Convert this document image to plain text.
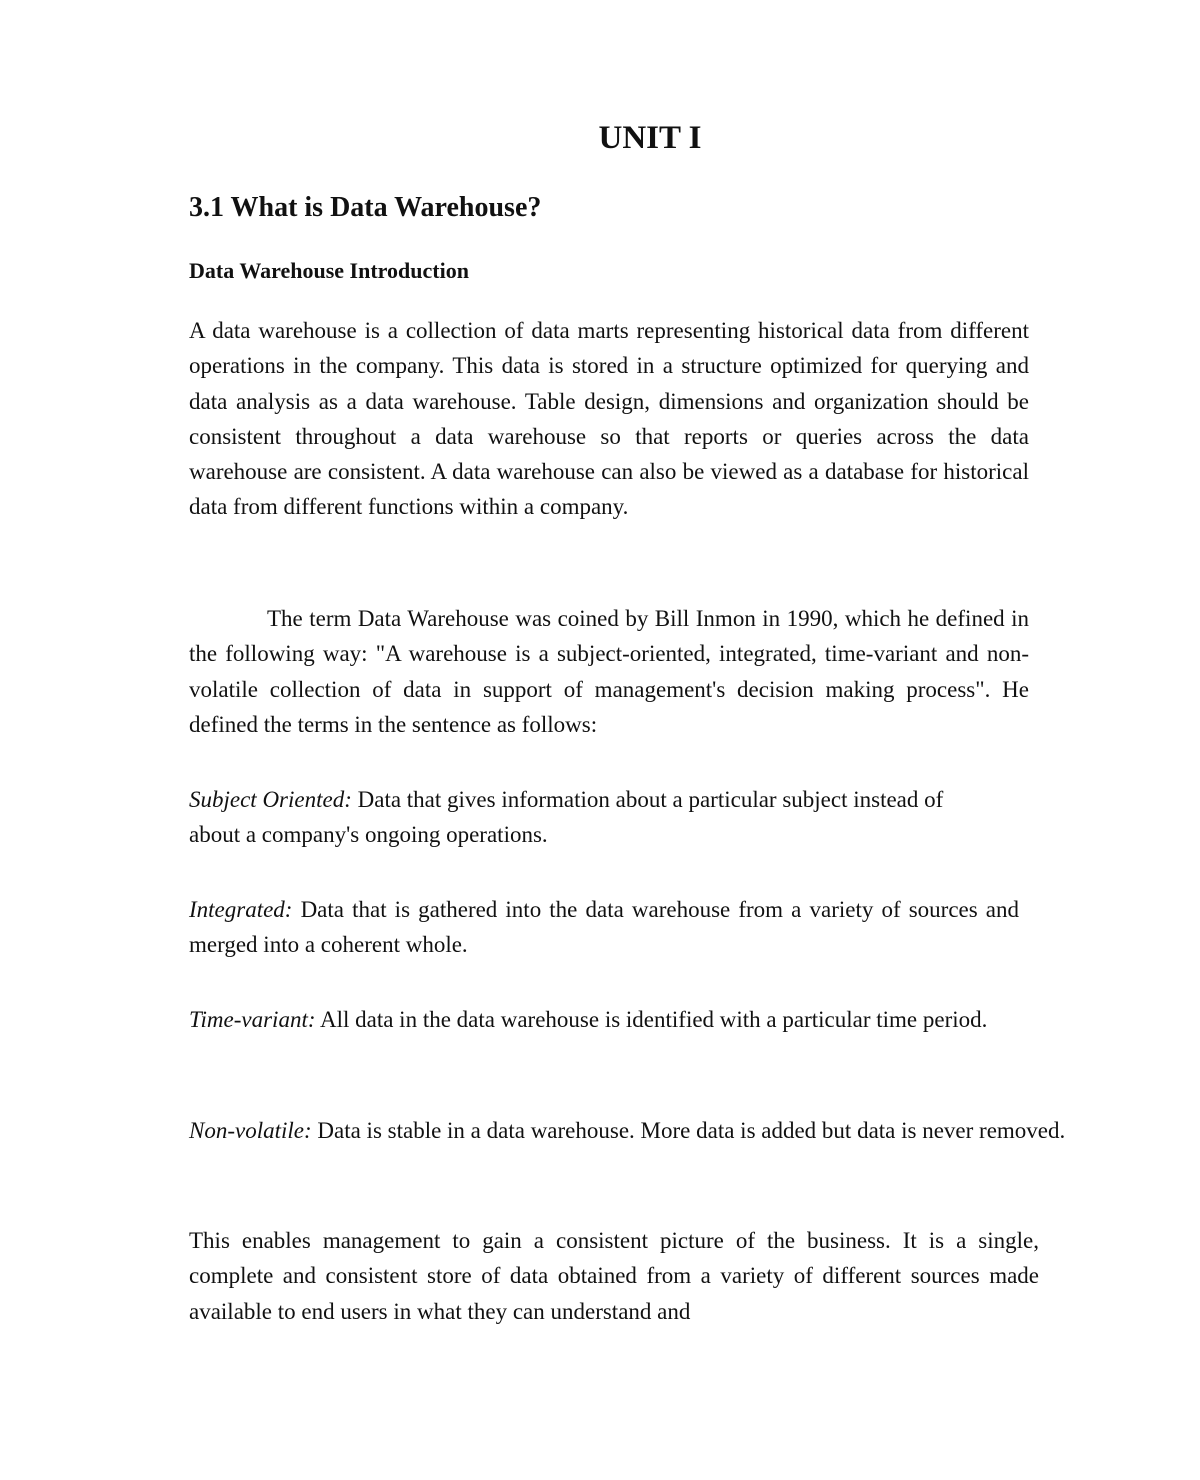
UNIT I
3.1 What is Data Warehouse?
Data Warehouse Introduction

A data warehouse is a collection of data marts representing historical data from different operations in the company. This data is stored in a structure optimized for querying and data analysis as a data warehouse. Table design, dimensions and organization should be consistent throughout a data warehouse so that reports or queries across the data warehouse are consistent. A data warehouse can also be viewed as a database for historical data from different functions within a company.

The term Data Warehouse was coined by Bill Inmon in 1990, which he defined in the following way: "A warehouse is a subject-oriented, integrated, time-variant and non-volatile collection of data in support of management's decision making process". He defined the terms in the sentence as follows:

Subject Oriented: Data that gives information about a particular subject instead of about a company's ongoing operations.

Integrated: Data that is gathered into the data warehouse from a variety of sources and merged into a coherent whole.

Time-variant: All data in the data warehouse is identified with a particular time period.

Non-volatile: Data is stable in a data warehouse. More data is added but data is never removed.

This enables management to gain a consistent picture of the business. It is a single, complete and consistent store of data obtained from a variety of different sources made available to end users in what they can understand and
